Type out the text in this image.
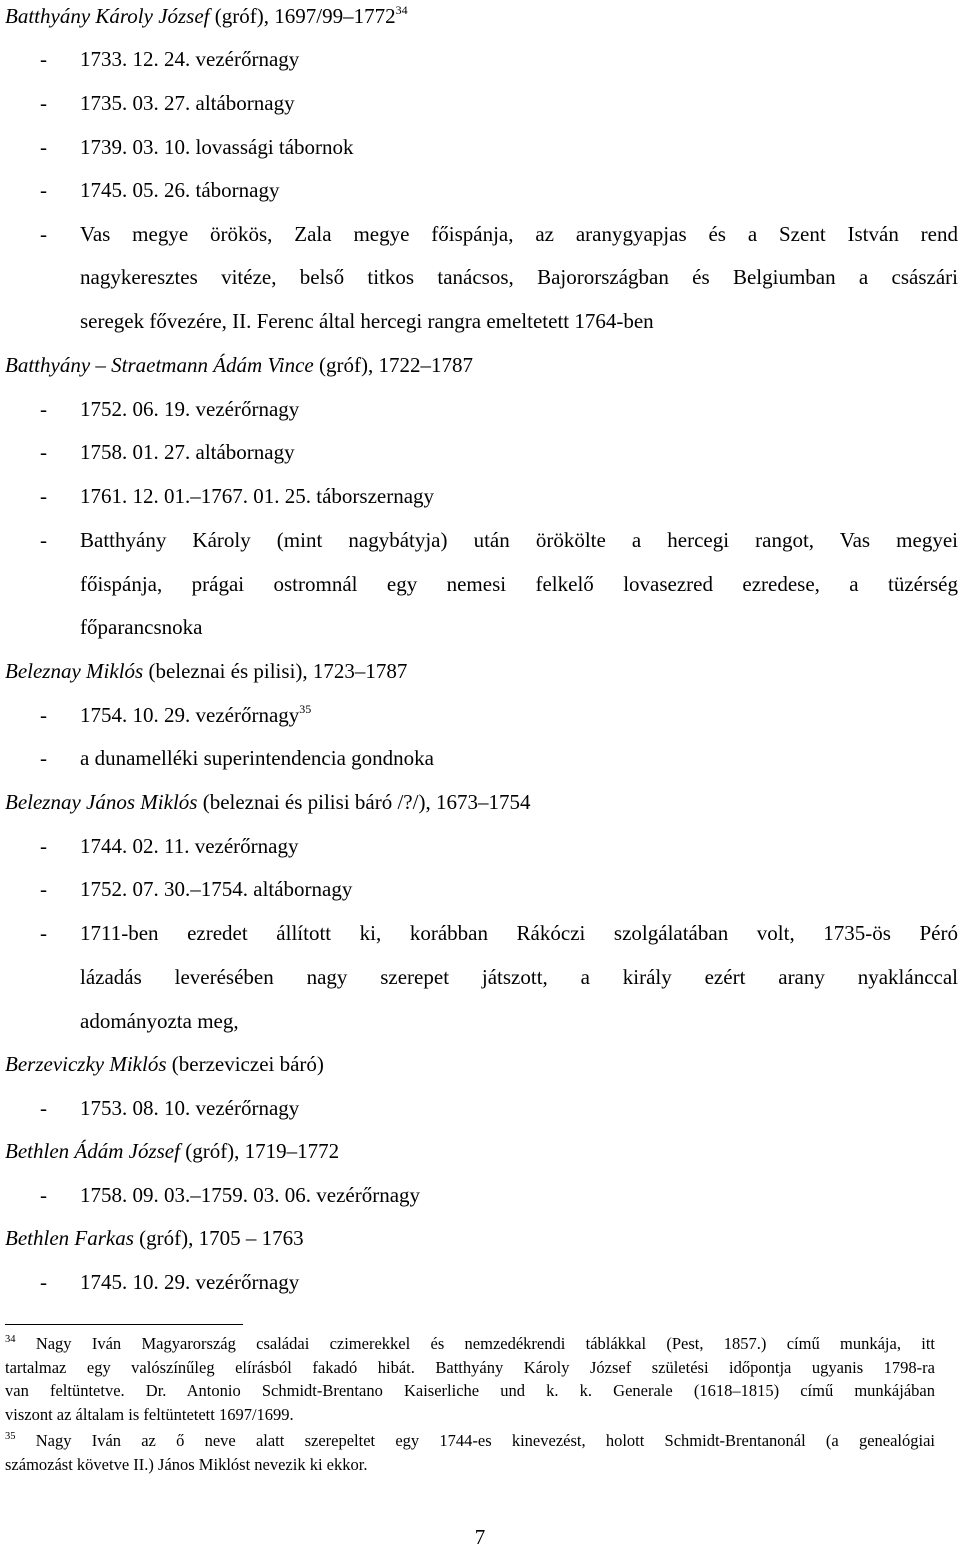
Batthyány Károly József (gróf), 1697/99–1772$^{34}$
- 1733. 12. 24. vezérőrnagy
- 1735. 03. 27. altábornagy
- 1739. 03. 10. lovassági tábornok
- 1745. 05. 26. tábornagy
- Vas megye örökös, Zala megye főispánja, az aranygyapjas és a Szent István rend
nagykeresztes vitéze, belső titkos tanácsos, Bajorországban és Belgiumban a császári
seregek fővezére, II. Ferenc által hercegi rangra emeltetett 1764-ben
Batthyány – Straetmann Ádám Vince (gróf), 1722–1787
- 1752. 06. 19. vezérőrnagy
- 1758. 01. 27. altábornagy
- 1761. 12. 01.–1767. 01. 25. táborszernagy
- Batthyány Károly (mint nagybátyja) után örökölte a hercegi rangot, Vas megyei
főispánja, prágai ostromnál egy nemesi felkelő lovasezred ezredese, a tüzérség
főparancsnoka
Beleznay Miklós (beleznai és pilisi), 1723–1787
- 1754. 10. 29. vezérőrnagy$^{35}$
- a dunamelléki superintendencia gondnoka
Beleznay János Miklós (beleznai és pilisi báró /?/), 1673–1754
- 1744. 02. 11. vezérőrnagy
- 1752. 07. 30.–1754. altábornagy
- 1711-ben ezredet állított ki, korábban Rákóczi szolgálatában volt, 1735-ös Péró
lázadás leverésében nagy szerepet játszott, a király ezért arany nyaklánccal
adományozta meg,
Berzeviczky Miklós (berzeviczei báró)
- 1753. 08. 10. vezérőrnagy
Bethlen Ádám József (gróf), 1719–1772
- 1758. 09. 03.–1759. 03. 06. vezérőrnagy
Bethlen Farkas (gróf), 1705 – 1763
- 1745. 10. 29. vezérőrnagy
$^{34}$ Nagy Iván Magyarország családai czimerekkel és nemzedékrendi táblákkal (Pest, 1857.) című munkája, itt
tartalmaz egy valószínűleg elírásból fakadó hibát. Batthyány Károly József születési időpontja ugyanis 1798-ra
van feltüntetve. Dr. Antonio Schmidt-Brentano Kaiserliche und k. k. Generale (1618–1815) című munkájában
viszont az általam is feltüntetett 1697/1699.
$^{35}$ Nagy Iván az ő neve alatt szerepeltet egy 1744-es kinevezést, holott Schmidt-Brentanonál (a genealógiai
számozást követve II.) János Miklóst nevezik ki ekkor.
7
